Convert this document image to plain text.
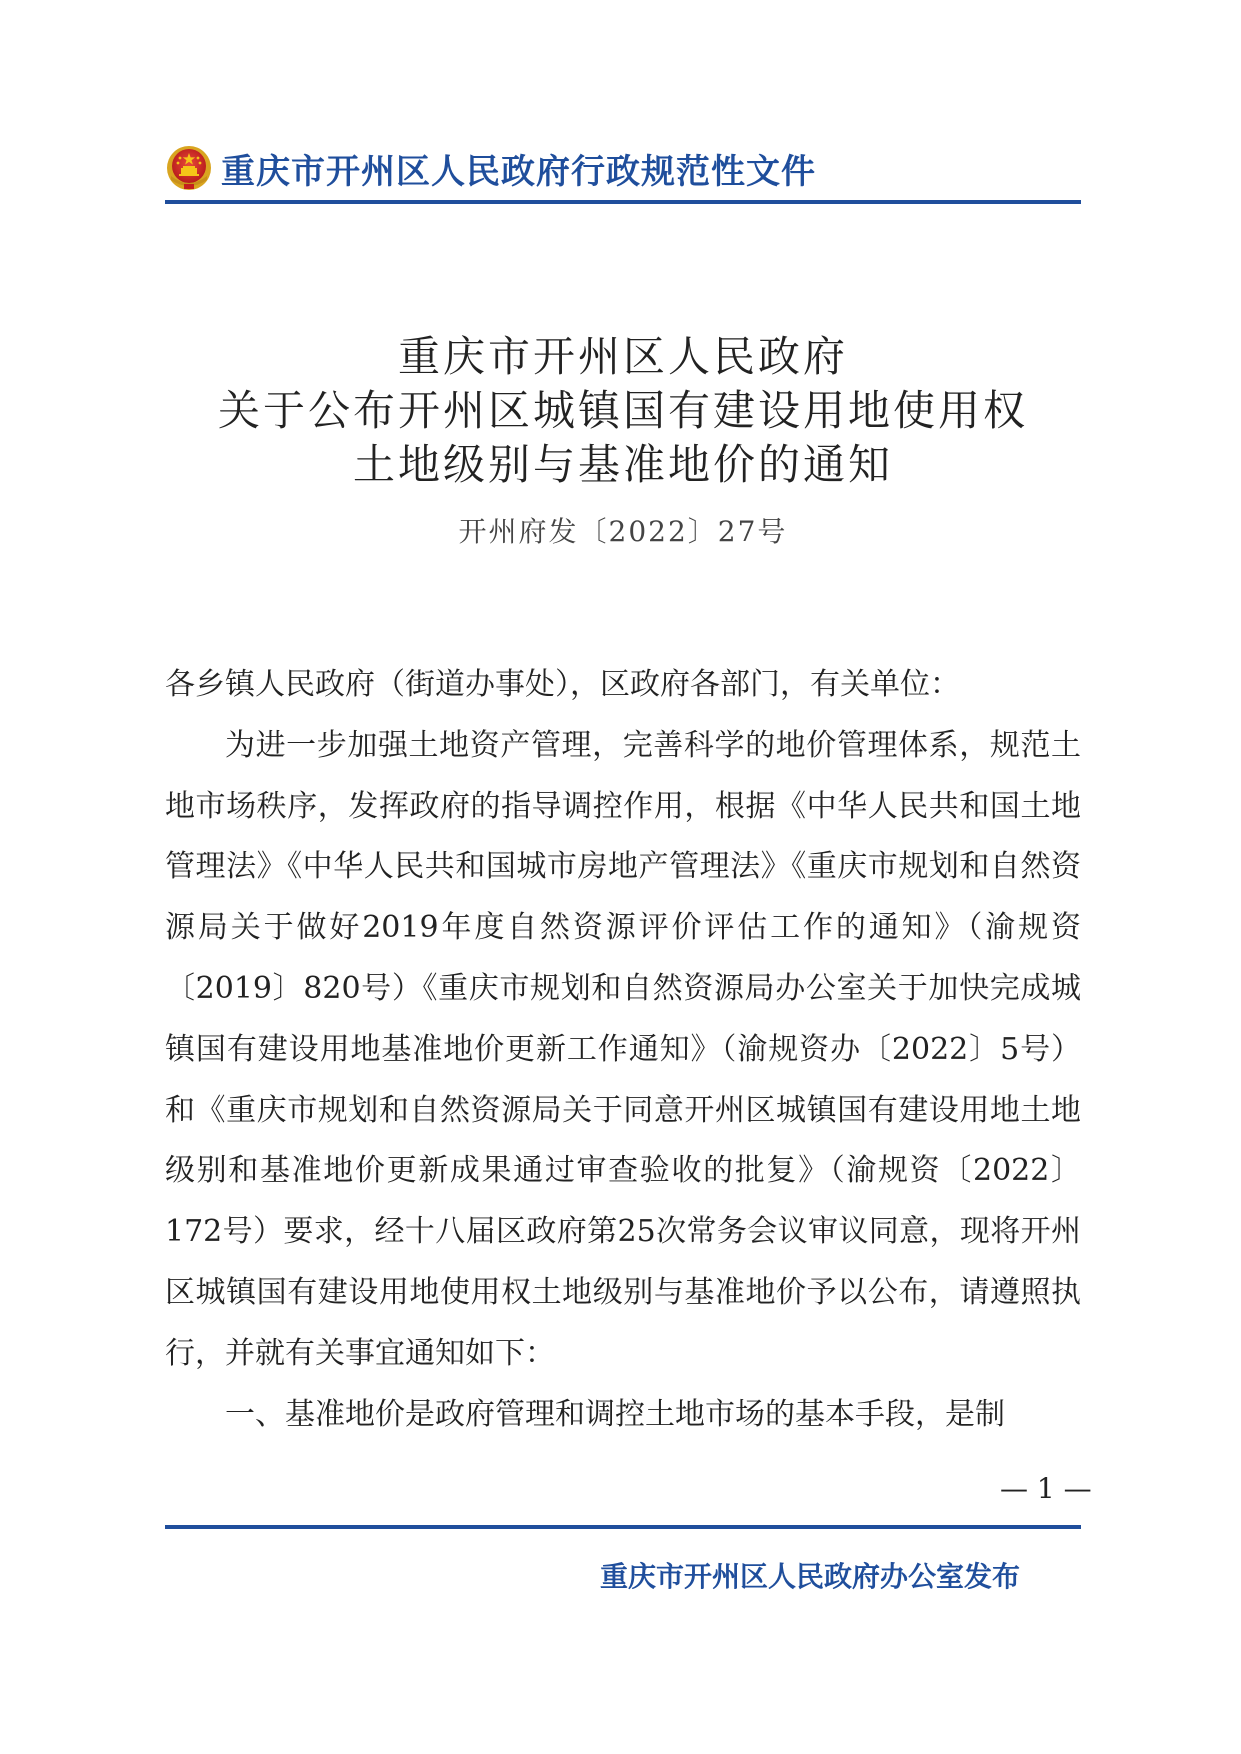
重庆市开州区人民政府行政规范性文件
重庆市开州区人民政府
关于公布开州区城镇国有建设用地使用权
土地级别与基准地价的通知
开州府发〔2022〕27号

各乡镇人民政府（街道办事处），区政府各部门，有关单位：

为进一步加强土地资产管理，完善科学的地价管理体系，规范土地市场秩序，发挥政府的指导调控作用，根据《中华人民共和国土地管理法》《中华人民共和国城市房地产管理法》《重庆市规划和自然资源局关于做好2019年度自然资源评价评估工作的通知》（渝规资〔2019〕820号）《重庆市规划和自然资源局办公室关于加快完成城镇国有建设用地基准地价更新工作通知》（渝规资办〔2022〕5号）和《重庆市规划和自然资源局关于同意开州区城镇国有建设用地土地级别和基准地价更新成果通过审查验收的批复》（渝规资〔2022〕172号）要求，经十八届区政府第25次常务会议审议同意，现将开州区城镇国有建设用地使用权土地级别与基准地价予以公布，请遵照执行，并就有关事宜通知如下：

一、基准地价是政府管理和调控土地市场的基本手段，是制

— 1 —
重庆市开州区人民政府办公室发布
